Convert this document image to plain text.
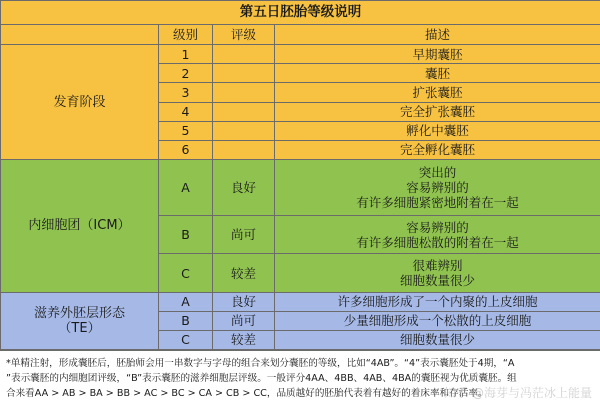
第五日胚胎等级说明			
	级别	评级	描述
发育阶段	1		早期囊胚
	2		囊胚
	3		扩张囊胚
	4		完全扩张囊胚
	5		孵化中囊胚
	6		完全孵化囊胚
内细胞团（ICM）	A	良好	突出的
容易辨别的
有许多细胞紧密地附着在一起
	B	尚可	容易辨别的
有许多细胞松散的附着在一起
	C	较差	很难辨别
细胞数量很少
滋养外胚层形态
（TE）	A	良好	许多细胞形成了一个内聚的上皮细胞
	B	尚可	少量细胞形成一个松散的上皮细胞
	C	较差	细胞数量很少
*单精注射，形成囊胚后，胚胎师会用一串数字与字母的组合来划分囊胚的等级，比如“4AB”。“4”表示囊胚处于4期，“A
”表示囊胚的内细胞团评级，“B”表示囊胚的滋养细胞层评级。一般评分4AA、4BB、4AB、4BA的囊胚视为优质囊胚。组
合来看AA > AB > BA > BB > AC > BC > CA > CB > CC，品质越好的胚胎代表着有越好的着床率和存活率。
知乎 @海芽与冯茫冰上能量
